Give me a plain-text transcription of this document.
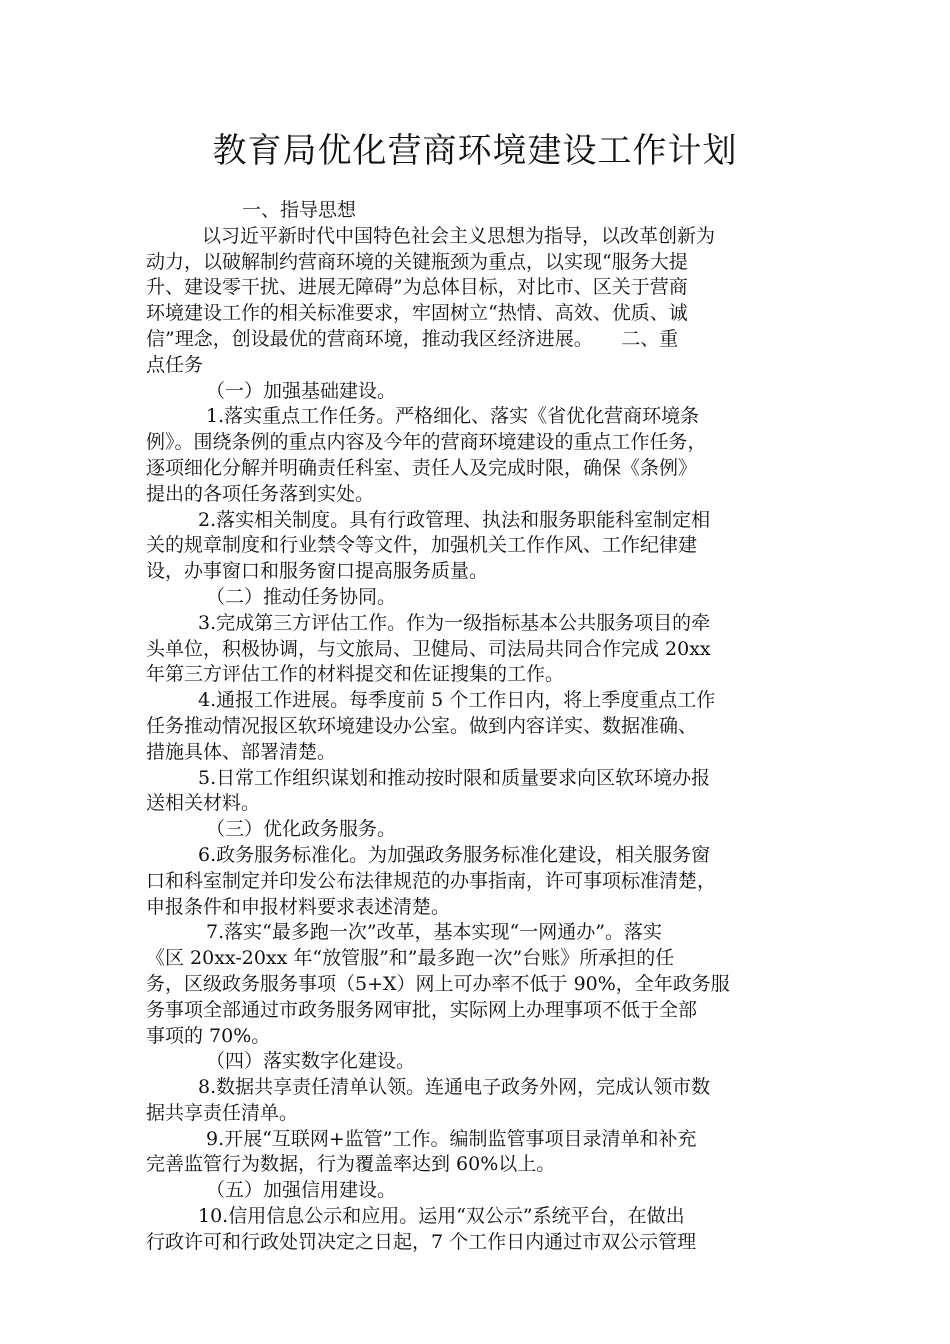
教育局优化营商环境建设工作计划

一、指导思想

以习近平新时代中国特色社会主义思想为指导，以改革创新为

动力，以破解制约营商环境的关键瓶颈为重点，以实现“服务大提

升、建设零干扰、进展无障碍”为总体目标，对比市、区关于营商

环境建设工作的相关标准要求，牢固树立“热情、高效、优质、诚

信”理念，创设最优的营商环境，推动我区经济进展。　　二、重

点任务

（一）加强基础建设。

1.落实重点工作任务。严格细化、落实《省优化营商环境条

例》。围绕条例的重点内容及今年的营商环境建设的重点工作任务，

逐项细化分解并明确责任科室、责任人及完成时限，确保《条例》

提出的各项任务落到实处。

2.落实相关制度。具有行政管理、执法和服务职能科室制定相

关的规章制度和行业禁令等文件，加强机关工作作风、工作纪律建

设，办事窗口和服务窗口提高服务质量。

（二）推动任务协同。

3.完成第三方评估工作。作为一级指标基本公共服务项目的牵

头单位，积极协调，与文旅局、卫健局、司法局共同合作完成 20xx

年第三方评估工作的材料提交和佐证搜集的工作。

4.通报工作进展。每季度前 5 个工作日内，将上季度重点工作

任务推动情况报区软环境建设办公室。做到内容详实、数据准确、

措施具体、部署清楚。

5.日常工作组织谋划和推动按时限和质量要求向区软环境办报

送相关材料。

（三）优化政务服务。

6.政务服务标准化。为加强政务服务标准化建设，相关服务窗

口和科室制定并印发公布法律规范的办事指南，许可事项标准清楚，

申报条件和申报材料要求表述清楚。

7.落实“最多跑一次”改革，基本实现“一网通办”。落实

《区 20xx-20xx 年“放管服”和”最多跑一次”台账》所承担的任

务，区级政务服务事项（5+X）网上可办率不低于 90%，全年政务服

务事项全部通过市政务服务网审批，实际网上办理事项不低于全部

事项的 70%。

（四）落实数字化建设。

8.数据共享责任清单认领。连通电子政务外网，完成认领市数

据共享责任清单。

9.开展“互联网+监管”工作。编制监管事项目录清单和补充

完善监管行为数据，行为覆盖率达到 60%以上。

（五）加强信用建设。

10.信用信息公示和应用。运用“双公示”系统平台，在做出

行政许可和行政处罚决定之日起，7 个工作日内通过市双公示管理
